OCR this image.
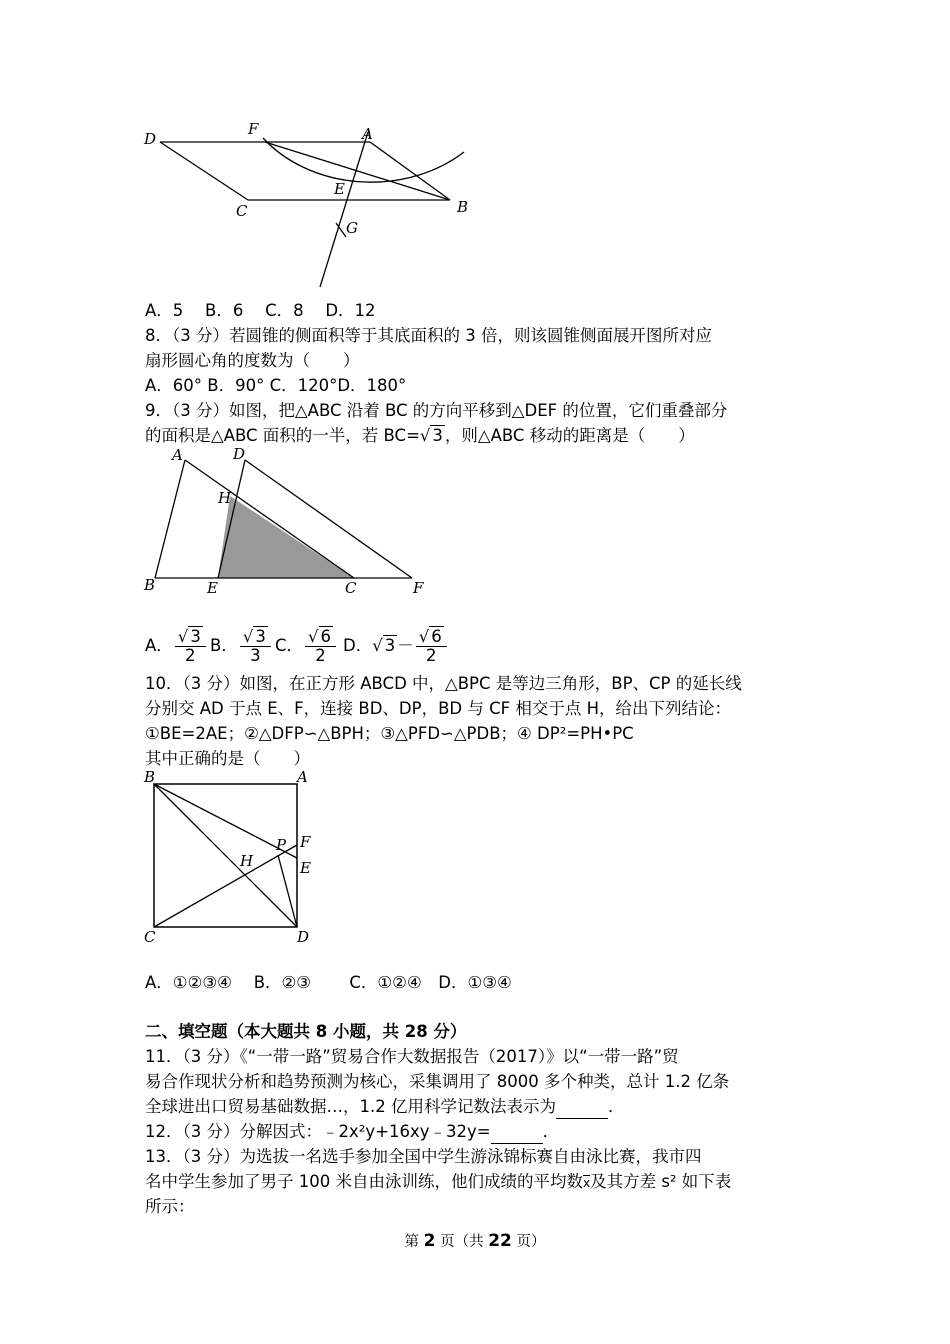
D
F	A
E
B
C
G
A．5　 B．6　 C．8　 D．12
8．（3 分）若圆锥的侧面积等于其底面积的 3 倍，则该圆锥侧面展开图所对应
扇形圆心角的度数为（　　）
A．60° B．90° C．120°D．180°
9．（3 分）如图，把△ABC 沿着 BC 的方向平移到△DEF 的位置，它们重叠部分
的面积是△ABC 面积的一半，若 BC=√ 3 ，则△ABC 移动的距离是（　　）
A	D
H
B	E	C	F
A． $\frac{√ 3}{2}$ B． $\frac{√ 3}{3}$ C． $\frac{√ 6}{2}$ D．√ $3 - \frac{√ 6}{2}$
10．（3 分）如图，在正方形 ABCD 中，△BPC 是等边三角形，BP、CP 的延长线
分别交 AD 于点 E、F，连接 BD、DP，BD 与 CF 相交于点 H，给出下列结论：
①BE=2AE；②△DFP∽△BPH；③△PFD∽△PDB；④ DP²=PH•PC
其中正确的是（　　）
B	A
P F
H	E
C	D
A．①②③④　 B．②③　　 C．①②④　D．①③④
二、填空题（本大题共 8 小题，共 28 分）
11．（3 分）《“一带一路”贸易合作大数据报告（2017）》以“一带一路”贸
易合作现状分析和趋势预测为核心，采集调用了 8000 多个种类，总计 1.2 亿条
全球进出口贸易基础数据…，1.2 亿用科学记数法表示为	．
12．（3 分）分解因式：﹣2x²y+16xy﹣32y=	．
13．（3 分）为选拔一名选手参加全国中学生游泳锦标赛自由泳比赛，我市四
名中学生参加了男子 100 米自由泳训练，他们成绩的平均数$\overline{x}$及其方差 s² 如下表
所示：
第 2 页（共 22 页）
